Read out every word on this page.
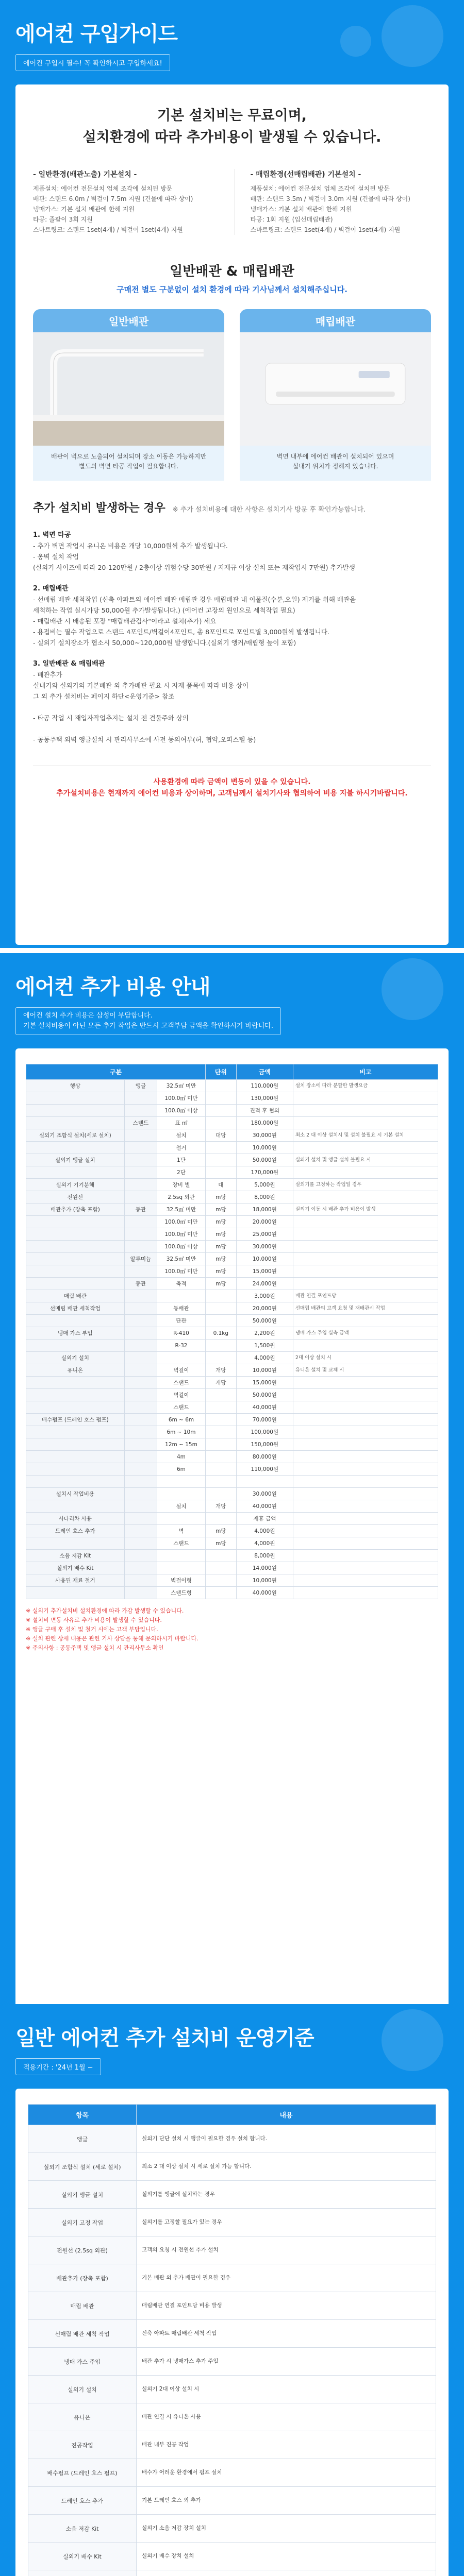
에어컨 구입가이드
에어컨 구입시 필수! 꼭 확인하시고 구입하세요!
기본 설치비는 무료이며,
설치환경에 따라 추가비용이 발생될 수 있습니다.
- 일반환경(배관노출) 기본설치 -

제품설치: 에어컨 전문설치 업체 조각에 설치된 방문
배관: 스탠드 6.0m / 벽걸이 7.5m 지원 (건물에 따라 상이)
냉매가스: 기본 설치 배관에 한해 지원
타공: 졸팔이 3회 지원
스마트링크: 스탠드 1set(4개) / 벽걸이 1set(4개) 지원

- 매립환경(선매립배관) 기본설치 -

제품설치: 에어컨 전문설치 업체 조각에 설치된 방문
배관: 스탠드 3.5m / 벽걸이 3.0m 지원 (건물에 따라 상이)
냉매가스: 기본 설치 배관에 한해 지원
타공: 1회 지원 (입선매립배관)
스마트링크: 스탠드 1set(4개) / 벽걸이 1set(4개) 지원

일반배관 & 매립배관
구매전 별도 구분없이 설치 환경에 따라 기사님께서 설치해주십니다.
일반배관
배관이 벽으로 노출되어 설치되며 장소 이동은 가능하지만
별도의 벽면 타공 작업이 필요합니다.
매립배관
벽면 내부에 에어컨 배관이 설치되어 있으며
실내기 위치가 정해져 있습니다.
추가 설치비 발생하는 경우 ※ 추가 설치비용에 대한 사항은 설치기사 방문 후 확인가능합니다.
1. 벽면 타공

- 추가 벽면 작업시 유니온 비용은 개당 10,000원씩 추가 발생됩니다.
- 옹벽 설치 작업
(실외기 사이즈에 따라 20-120만원 / 2층이상 위험수당 30만원 / 지재규 이상 설치 또는 재작업시 7만원) 추가발생

2. 매립배관

- 선매립 배관 세척작업 (신축 아파트의 에어컨 배관 매립관 경우 매립배관 내 이물질(수분,오일) 제거를 위해 배관을
세척하는 작업 실시가당 50,000원 추가발생됩니다.) (에어컨 고장의 원인으로 세척작업 필요)
- 매립배관 시 배송된 포장 "매립배관검사"이라고 설치(추가) 세요
- 용접비는 필수 작업으로 스탠드 4포인트/벽걸이4포인트, 총 8포인트로 포인트별 3,000원씩 발생됩니다.
- 실외기 설치장소가 협소시 50,000~120,000원 발생합니다.(실외기 앵커/매립형 높이 포함)

3. 일반배관 & 매립배관

- 배관추가
실내기와 실외기의 기본배관 외 추가배관 필요 시 자재 품목에 따라 비용 상이
그 외 추가 설치비는 페이지 하단<운영기준> 참조

- 타공 작업 시 재입자작업추지는 설치 전 견물주와 상의

- 공동주택 외벽 앵글설치 시 관리사무소에 사전 동의여부(허, 협약,오피스텔 등)

사용환경에 따라 금액이 변동이 있을 수 있습니다.
추가설치비용은 현재까지 에어컨 비용과 상이하며, 고객님께서 설치기사와 협의하여 비용 지불 하시기바랍니다.
에어컨 추가 비용 안내
에어컨 설치 추가 비용은 삼성이 부담합니다.
기본 설치비용이 아닌 모든 추가 작업은 반드시 고객부담 금액을 확인하시기 바랍니다.
구분			단위	금액	비고
행상	앵글	32.5㎡ 미만		110,000원	설치 장소에 따라 분할한 발생요금
		100.0㎡ 미만		130,000원	
		100.0㎡ 이상		견적 후 협의	
	스탠드	표 ㎡		180,000원	
실외기 조합식 설치(세로 설치)		설치	대당	30,000원	최소 2 대 이상 설치시 및 설치 불필요 시 기본 설치
		철거		10,000원	
실외기 앵글 설치		1단		50,000원	실외기 설치 및 앵글 설치 불필요 시
		2단		170,000원	
실외기 기기분해		장비 별	대	5,000원	실외기를 고정하는 작업일 경우
전원선		2.5sq 외관	m당	8,000원	
배관추가 (장축 포함)	동관	32.5㎡ 미만	m당	18,000원	실외기 이동 시 배관 추가 비용이 발생
		100.0㎡ 미만	m당	20,000원	
		100.0㎡ 미만	m당	25,000원	
		100.0㎡ 이상	m당	30,000원	
	알루미늄	32.5㎡ 미만	m당	10,000원	
		100.0㎡ 미만	m당	15,000원	
	동관	축적	m당	24,000원	
매립 배관				3,000원	배관 연결 포인트당
선매립 배관 세척작업		동배관		20,000원	선매립 배관의 고객 요청 및 재배관시 작업
		단관		50,000원	
냉매 가스 부입		R-410	0.1kg	2,200원	냉매 가스 주입 실측 금액
		R-32		1,500원	
실외기 설치				4,000원	2대 이상 설치 시
유니온		벽걸이	개당	10,000원	유니온 설치 및 교체 시
		스탠드	개당	15,000원	
		벽걸이		50,000원	
		스탠드		40,000원	
배수펌프 (드레인 호스 펌프)		6m ~ 6m		70,000원	
		6m ~ 10m		100,000원	
		12m ~ 15m		150,000원	
		4m		80,000원	
		6m		110,000원	

설치시 작업비용				30,000원	
		설치	개당	40,000원	
사다리차 사용				제휴 금액	
드레인 호스 추가		벽	m당	4,000원	
		스탠드	m당	4,000원	
소음 저감 Kit				8,000원	
실외기 배수 Kit				14,000원	
사용된 재료 철거		벽걸이형		10,000원	
		스탠드형		40,000원	
※ 실외기 추가설치비 설치환경에 따라 가감 발생할 수 있습니다.
※ 설치비 변동 사유로 추가 비용이 발생할 수 있습니다.
※ 앵글 구매 후 설치 및 철거 시에는 고객 부담입니다.
※ 설치 관련 상세 내용은 관련 기사 상담을 통해 문의하시기 바랍니다.
※ 주의사항 : 공동주택 및 앵글 설치 시 관리사무소 확인
일반 에어컨 추가 설치비 운영기준
적용기간 : '24년 1월 ~
항목	내용
앵글	실외기 단단 설치 시 앵글이 필요한 경우 설치 합니다.
실외기 조합식 설치 (세로 설치)	최소 2 대 이상 설치 시 세로 설치 가능 합니다.
실외기 앵글 설치	실외기를 앵글에 설치하는 경우
실외기 고정 작업	실외기를 고정할 필요가 있는 경우
전원선 (2.5sq 외관)	고객의 요청 시 전원선 추가 설치
배관추가 (장축 포함)	기본 배관 외 추가 배관이 필요한 경우
매립 배관	매립배관 연결 포인트당 비용 발생
선매립 배관 세척 작업	신축 아파트 매립배관 세척 작업
냉매 가스 주입	배관 추가 시 냉매가스 추가 주입
실외기 설치	실외기 2대 이상 설치 시
유니온	배관 연결 시 유니온 사용
진공작업	배관 내부 진공 작업
배수펌프 (드레인 호스 펌프)	배수가 어려운 환경에서 펌프 설치
드레인 호스 추가	기본 드레인 호스 외 추가
소음 저감 Kit	실외기 소음 저감 장치 설치
실외기 배수 Kit	실외기 배수 장치 설치
